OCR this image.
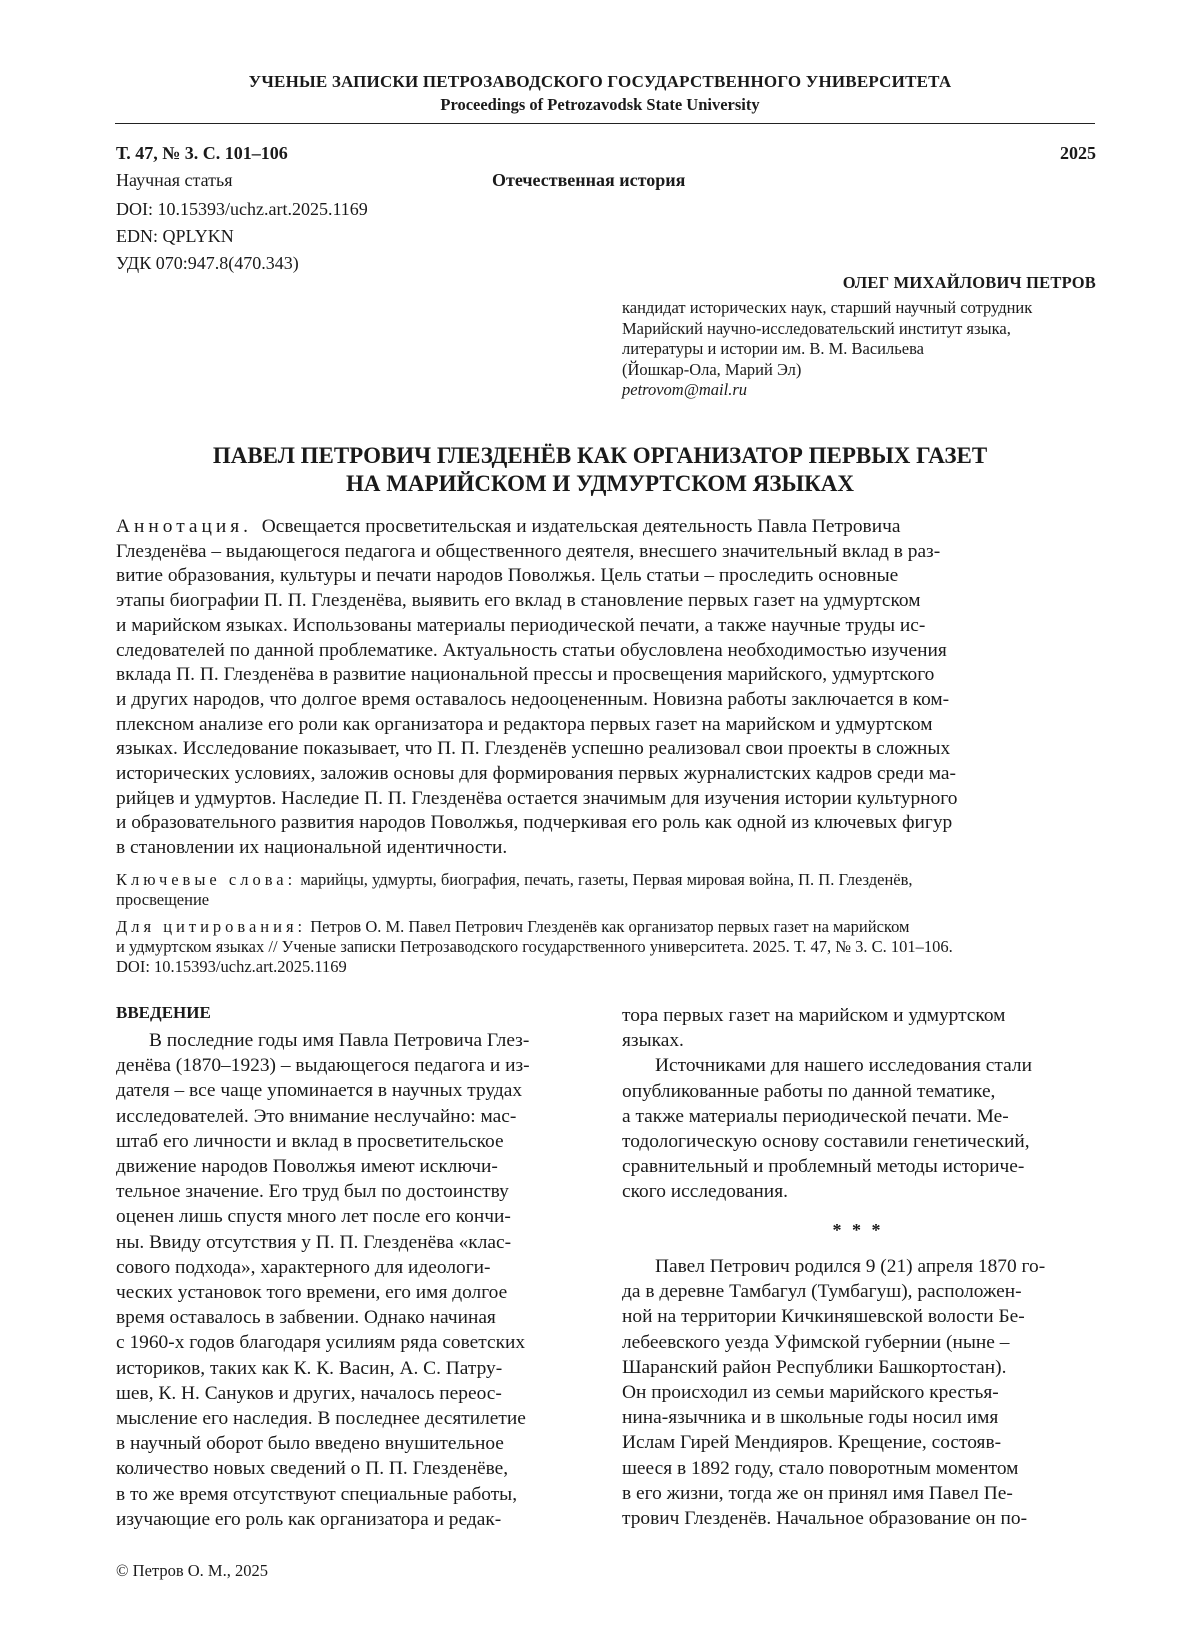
УЧЕНЫЕ ЗАПИСКИ ПЕТРОЗАВОДСКОГО ГОСУДАРСТВЕННОГО УНИВЕРСИТЕТА
Proceedings of Petrozavodsk State University
Т. 47, № 3. С. 101–106	2025
Научная статья	Отечественная история
DOI: 10.15393/uchz.art.2025.1169
EDN: QPLYKN
УДК 070:947.8(470.343)
ОЛЕГ МИХАЙЛОВИЧ ПЕТРОВ
кандидат исторических наук, старший научный сотрудник
Марийский научно-исследовательский институт языка,
литературы и истории им. В. М. Васильева
(Йошкар-Ола, Марий Эл)
petrovom@mail.ru
ПАВЕЛ ПЕТРОВИЧ ГЛЕЗДЕНЁВ КАК ОРГАНИЗАТОР ПЕРВЫХ ГАЗЕТ
НА МАРИЙСКОМ И УДМУРТСКОМ ЯЗЫКАХ
Аннотация. Освещается просветительская и издательская деятельность Павла Петровича
Глезденёва – выдающегося педагога и общественного деятеля, внесшего значительный вклад в раз-
витие образования, культуры и печати народов Поволжья. Цель статьи – проследить основные
этапы биографии П. П. Глезденёва, выявить его вклад в становление первых газет на удмуртском
и марийском языках. Использованы материалы периодической печати, а также научные труды ис-
следователей по данной проблематике. Актуальность статьи обусловлена необходимостью изучения
вклада П. П. Глезденёва в развитие национальной прессы и просвещения марийского, удмуртского
и других народов, что долгое время оставалось недооцененным. Новизна работы заключается в ком-
плексном анализе его роли как организатора и редактора первых газет на марийском и удмуртском
языках. Исследование показывает, что П. П. Глезденёв успешно реализовал свои проекты в сложных
исторических условиях, заложив основы для формирования первых журналистских кадров среди ма-
рийцев и удмуртов. Наследие П. П. Глезденёва остается значимым для изучения истории культурного
и образовательного развития народов Поволжья, подчеркивая его роль как одной из ключевых фигур
в становлении их национальной идентичности.
Ключевые слова: марийцы, удмурты, биография, печать, газеты, Первая мировая война, П. П. Глезденёв,
просвещение
Для цитирования: Петров О. М. Павел Петрович Глезденёв как организатор первых газет на марийском
и удмуртском языках // Ученые записки Петрозаводского государственного университета. 2025. Т. 47, № 3. С. 101–106.
DOI: 10.15393/uchz.art.2025.1169
ВВЕДЕНИЕ
В последние годы имя Павла Петровича Глез-
денёва (1870–1923) – выдающегося педагога и из-
дателя – все чаще упоминается в научных трудах
исследователей. Это внимание неслучайно: мас-
штаб его личности и вклад в просветительское
движение народов Поволжья имеют исключи-
тельное значение. Его труд был по достоинству
оценен лишь спустя много лет после его кончи-
ны. Ввиду отсутствия у П. П. Глезденёва «клас-
сового подхода», характерного для идеологи-
ческих установок того времени, его имя долгое
время оставалось в забвении. Однако начиная
с 1960-х годов благодаря усилиям ряда советских
историков, таких как К. К. Васин, А. С. Патру-
шев, К. Н. Сануков и других, началось переос-
мысление его наследия. В последнее десятилетие
в научный оборот было введено внушительное
количество новых сведений о П. П. Глезденёве,
в то же время отсутствуют специальные работы,
изучающие его роль как организатора и редак-
тора первых газет на марийском и удмуртском
языках.
Источниками для нашего исследования стали
опубликованные работы по данной тематике,
а также материалы периодической печати. Ме-
тодологическую основу составили генетический,
сравнительный и проблемный методы историче-
ского исследования.
* * *
Павел Петрович родился 9 (21) апреля 1870 го-
да в деревне Тамбагул (Тумбагуш), расположен-
ной на территории Кичкиняшевской волости Бе-
лебеевского уезда Уфимской губернии (ныне –
Шаранский район Республики Башкортостан).
Он происходил из семьи марийского крестья-
нина-язычника и в школьные годы носил имя
Ислам Гирей Мендияров. Крещение, состояв-
шееся в 1892 году, стало поворотным моментом
в его жизни, тогда же он принял имя Павел Пе-
трович Глезденёв. Начальное образование он по-
© Петров О. М., 2025
